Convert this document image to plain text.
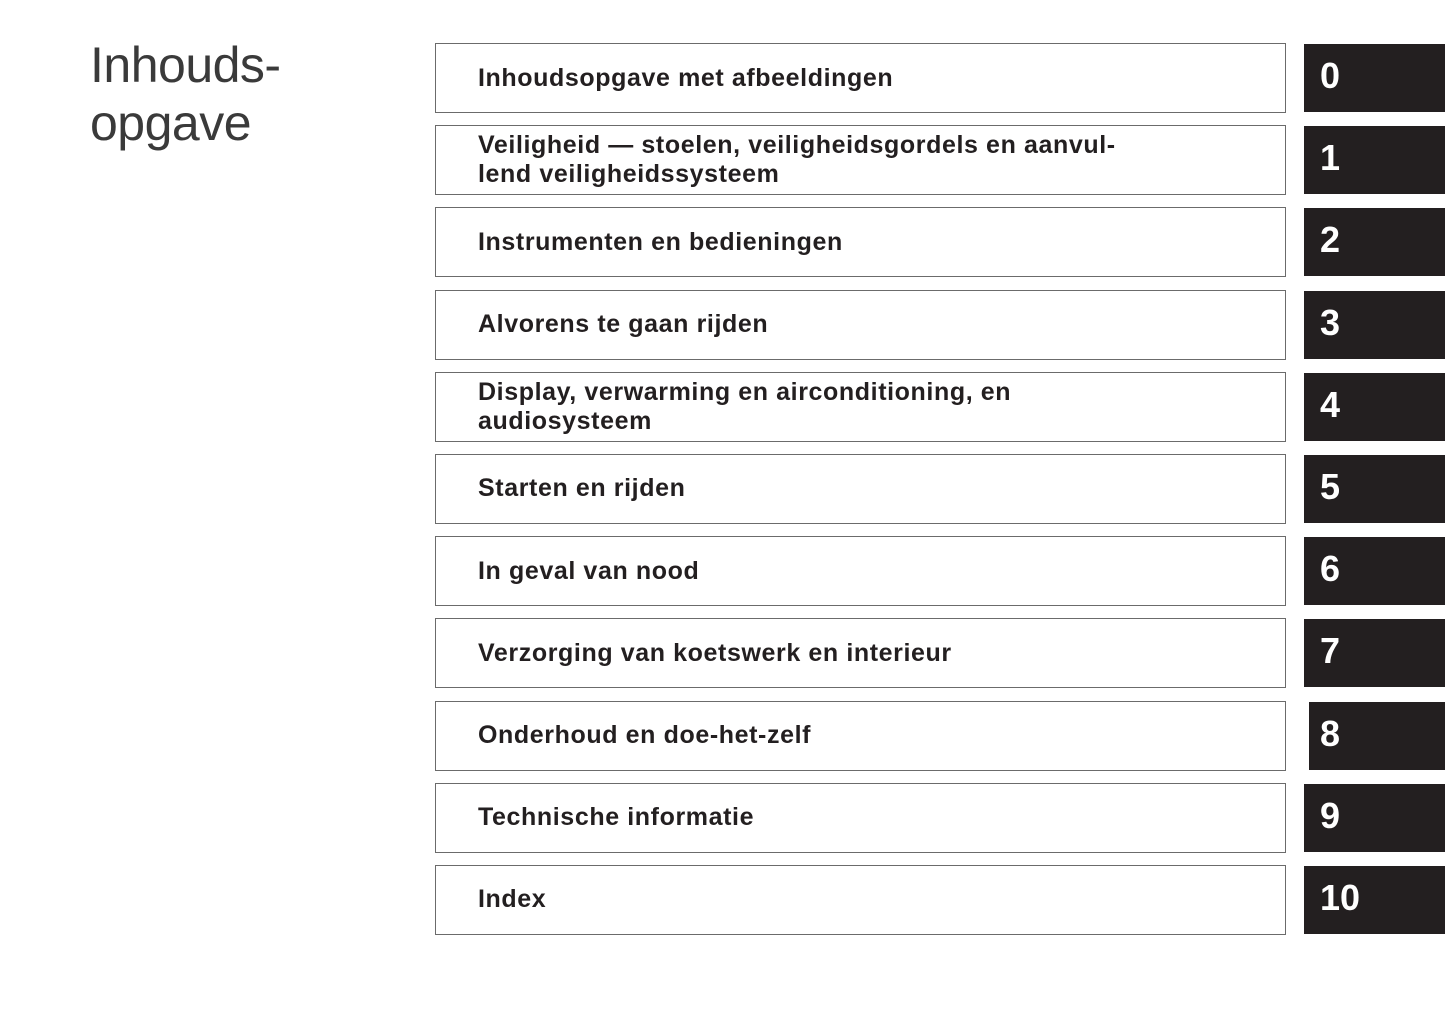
Inhouds-
opgave
Inhoudsopgave met afbeeldingen	0
Veiligheid — stoelen, veiligheidsgordels en aanvul-
lend veiligheidssysteem	1
Instrumenten en bedieningen	2
Alvorens te gaan rijden	3
Display, verwarming en airconditioning, en
audiosysteem	4
Starten en rijden	5
In geval van nood	6
Verzorging van koetswerk en interieur	7
Onderhoud en doe-het-zelf	8
Technische informatie	9
Index	10
